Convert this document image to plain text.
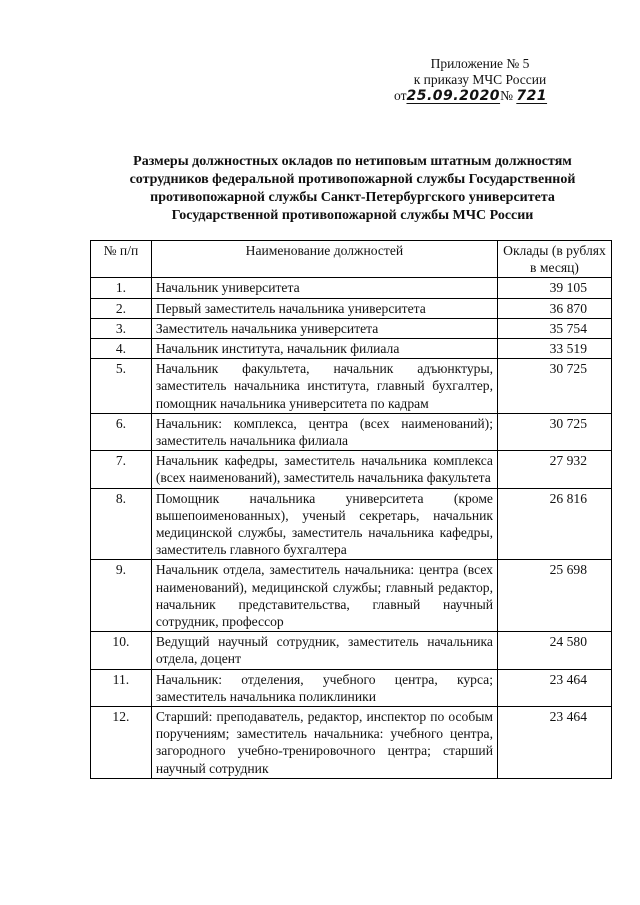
Приложение № 5
к приказу МЧС России
от25.09.2020№ 721
Размеры должностных окладов по нетиповым штатным должностям
сотрудников федеральной противопожарной службы Государственной
противопожарной службы Санкт-Петербургского университета
Государственной противопожарной службы МЧС России
№ п/п	Наименование должностей	Оклады (в рублях в месяц)
1.	Начальник университета	39 105
2.	Первый заместитель начальника университета	36 870
3.	Заместитель начальника университета	35 754
4.	Начальник института, начальник филиала	33 519
5.	Начальник факультета, начальник адъюнктуры, заместитель начальника института, главный бухгалтер, помощник начальника университета по кадрам	30 725
6.	Начальник: комплекса, центра (всех наименований); заместитель начальника филиала	30 725
7.	Начальник кафедры, заместитель начальника комплекса (всех наименований), заместитель начальника факультета	27 932
8.	Помощник начальника университета (кроме вышепоименованных), ученый секретарь, начальник медицинской службы, заместитель начальника кафедры, заместитель главного бухгалтера	26 816
9.	Начальник отдела, заместитель начальника: центра (всех наименований), медицинской службы; главный редактор, начальник представительства, главный научный сотрудник, профессор	25 698
10.	Ведущий научный сотрудник, заместитель начальника отдела, доцент	24 580
11.	Начальник: отделения, учебного центра, курса; заместитель начальника поликлиники	23 464
12.	Старший: преподаватель, редактор, инспектор по особым поручениям; заместитель начальника: учебного центра, загородного учебно-тренировочного центра; старший научный сотрудник	23 464
